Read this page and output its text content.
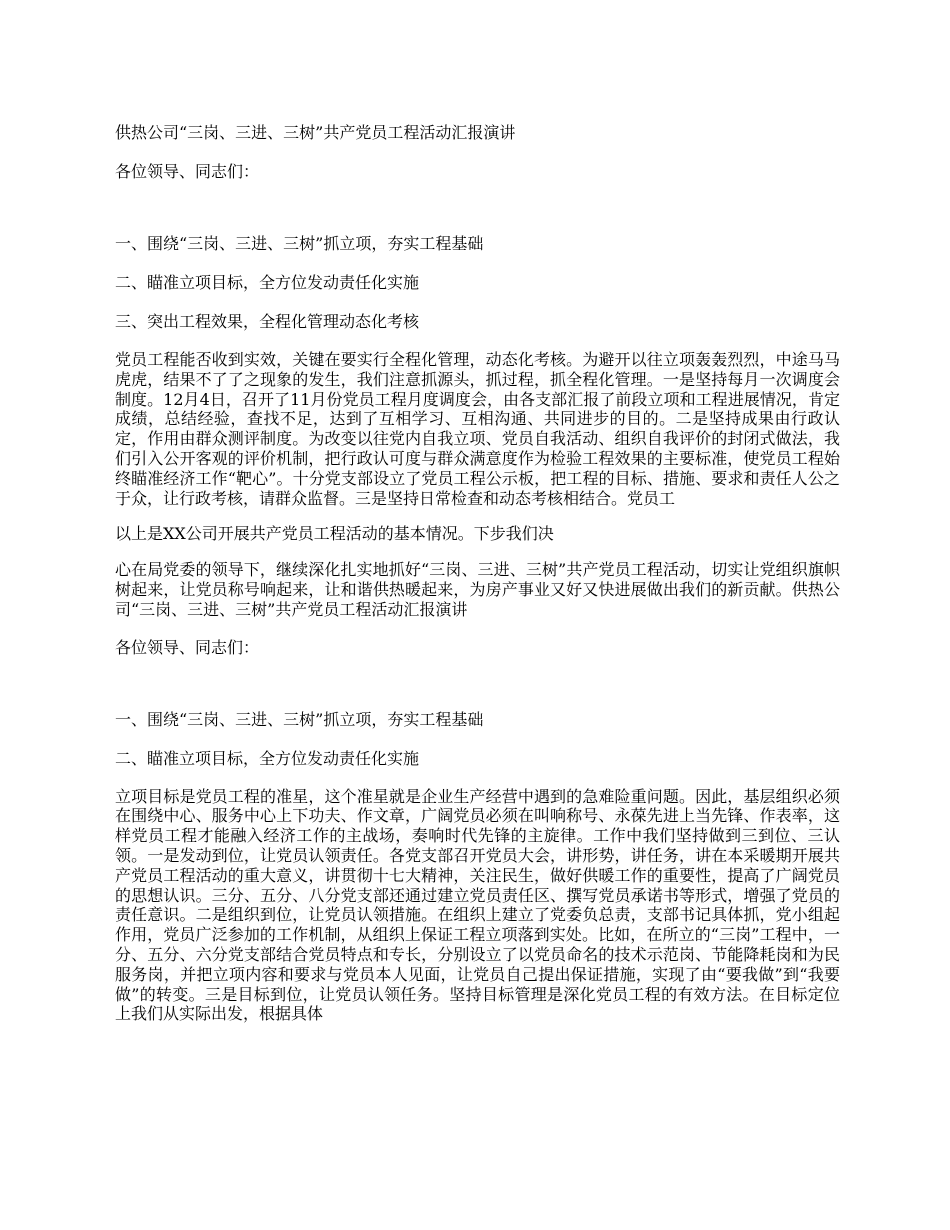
供热公司“三岗、三进、三树”共产党员工程活动汇报演讲

各位领导、同志们：

一、围绕“三岗、三进、三树”抓立项，夯实工程基础

二、瞄准立项目标，全方位发动责任化实施

三、突出工程效果，全程化管理动态化考核

党员工程能否收到实效，关键在要实行全程化管理，动态化考核。为避开以往立项轰轰烈烈，中途马马虎虎，结果不了了之现象的发生，我们注意抓源头，抓过程，抓全程化管理。一是坚持每月一次调度会制度。12月4日，召开了11月份党员工程月度调度会，由各支部汇报了前段立项和工程进展情况，肯定成绩，总结经验，查找不足，达到了互相学习、互相沟通、共同进步的目的。二是坚持成果由行政认定，作用由群众测评制度。为改变以往党内自我立项、党员自我活动、组织自我评价的封闭式做法，我们引入公开客观的评价机制，把行政认可度与群众满意度作为检验工程效果的主要标准，使党员工程始终瞄准经济工作“靶心”。十分党支部设立了党员工程公示板，把工程的目标、措施、要求和责任人公之于众，让行政考核，请群众监督。三是坚持日常检查和动态考核相结合。党员工

以上是XX公司开展共产党员工程活动的基本情况。下步我们决

心在局党委的领导下，继续深化扎实地抓好“三岗、三进、三树”共产党员工程活动，切实让党组织旗帜树起来，让党员称号响起来，让和谐供热暖起来，为房产事业又好又快进展做出我们的新贡献。供热公司“三岗、三进、三树”共产党员工程活动汇报演讲

各位领导、同志们：

一、围绕“三岗、三进、三树”抓立项，夯实工程基础

二、瞄准立项目标，全方位发动责任化实施

立项目标是党员工程的准星，这个准星就是企业生产经营中遇到的急难险重问题。因此，基层组织必须在围绕中心、服务中心上下功夫、作文章，广阔党员必须在叫响称号、永葆先进上当先锋、作表率，这样党员工程才能融入经济工作的主战场，奏响时代先锋的主旋律。工作中我们坚持做到三到位、三认领。一是发动到位，让党员认领责任。各党支部召开党员大会，讲形势，讲任务，讲在本采暖期开展共产党员工程活动的重大意义，讲贯彻十七大精神，关注民生，做好供暖工作的重要性，提高了广阔党员的思想认识。三分、五分、八分党支部还通过建立党员责任区、撰写党员承诺书等形式，增强了党员的责任意识。二是组织到位，让党员认领措施。在组织上建立了党委负总责，支部书记具体抓，党小组起作用，党员广泛参加的工作机制，从组织上保证工程立项落到实处。比如，在所立的“三岗”工程中，一分、五分、六分党支部结合党员特点和专长，分别设立了以党员命名的技术示范岗、节能降耗岗和为民服务岗，并把立项内容和要求与党员本人见面，让党员自己提出保证措施，实现了由“要我做”到“我要做”的转变。三是目标到位，让党员认领任务。坚持目标管理是深化党员工程的有效方法。在目标定位上我们从实际出发，根据具体
